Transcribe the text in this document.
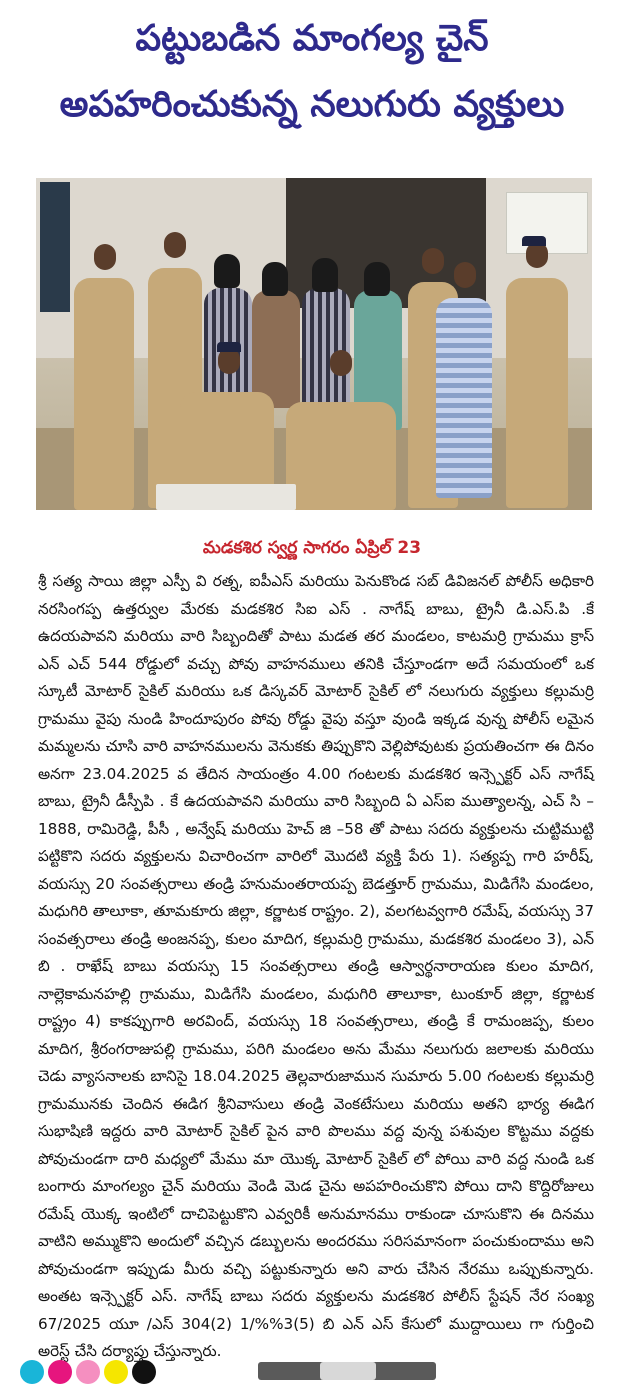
పట్టుబడిన మాంగల్య చైన్
అపహరించుకున్న నలుగురు వ్యక్తులు
మడకశిర స్వర్ణ సాగరం ఏప్రిల్ 23
శ్రీ సత్య సాయి జిల్లా ఎస్పీ వి రత్న, ఐపీఎస్ మరియు పెనుకొండ సబ్ డివిజనల్ పోలీస్ అధికారి నరసింగప్ప ఉత్తర్వుల మేరకు మడకశిర సిఐ ఎస్ . నాగేష్ బాబు, ట్రైనీ డి.ఎస్.పి .కే ఉదయపావని మరియు వారి సిబ్బందితో పాటు మడత తర మండలం, కాటమర్రి గ్రామము క్రాస్ ఎన్ ఎచ్ 544 రోడ్డులో వచ్చు పోవు వాహనములు తనికి చేస్తూండగా అదే సమయంలో ఒక స్కూటీ మోటార్ సైకిల్ మరియు ఒక డిస్కవర్ మోటార్ సైకిల్ లో నలుగురు వ్యక్తులు కల్లుమర్రి గ్రామము వైపు నుండి హిందూపురం పోవు రోడ్డు వైపు వస్తూ వుండి ఇక్కడ వున్న పోలీస్ లమైన మమ్మలను చూసి వారి వాహనములను వెనుకకు తిప్పుకొని వెల్లిపోవుటకు ప్రయతించగా ఈ దినం అనగా 23.04.2025 వ తేదిన సాయంత్రం 4.00 గంటలకు మడకశిర ఇన్స్పెక్టర్ ఎస్ నాగేష్ బాబు, ట్రైనీ డీస్పీపి . కే ఉదయపావని మరియు వారి సిబ్బంది ఏ ఎస్ఐ ముత్యాలన్న, ఎచ్ సి –1888, రామిరెడ్డి, పీసీ , అన్వేష్ మరియు హెచ్ జి –58 తో పాటు సదరు వ్యక్తులను చుట్టిముట్టి పట్టికొని సదరు వ్యక్తులను విచారించగా వారిలో మొదటి వ్యక్తి పేరు 1). సత్యప్ప గారి హరీష్, వయస్సు 20 సంవత్సరాలు తండ్రి హనుమంతరాయప్ప బెడత్తూర్ గ్రామము, మిడిగేసి మండలం, మధుగిరి తాలూకా, తూమకూరు జిల్లా, కర్ణాటక రాష్ట్రం. 2), వలగటవ్వగారి రమేష్, వయస్సు 37 సంవత్సరాలు తండ్రి అంజనప్ప, కులం మాదిగ, కల్లుమర్రి గ్రామము, మడకశిర మండలం 3), ఎన్ బి . రాఖేష్ బాబు వయస్సు 15 సంవత్సరాలు తండ్రి ఆస్వార్థనారాయణ కులం మాదిగ, నాల్లెకామనహల్లి గ్రామము, మిడిగేసి మండలం, మధుగిరి తాలూకా, టుంకూర్ జిల్లా, కర్ణాటక రాష్ట్రం 4) కాకప్పుగారి అరవింద్, వయస్సు 18 సంవత్సరాలు, తండ్రి కే రామంజప్ప, కులం మాదిగ, శ్రీరంగరాజుపల్లి గ్రామము, పరిగి మండలం అను మేము నలుగురు జలాలకు మరియు చెడు వ్యాసనాలకు బానిసై 18.04.2025 తెల్లవారుజామున సుమారు 5.00 గంటలకు కల్లుమర్రి గ్రామమునకు చెందిన ఈడిగ శ్రీనివాసులు తండ్రి వెంకటేసులు మరియు అతని భార్య ఈడిగ సుభాషిణి ఇద్దరు వారి మోటార్ సైకిల్ పైన వారి పొలము వద్ద వున్న పశువుల కొట్టము వద్దకు పోవుచుండగా దారి మధ్యలో మేము మా యొక్క మోటార్ సైకిల్ లో పోయి వారి వద్ద నుండి ఒక బంగారు మాంగల్యం చైన్ మరియు వెండి మెడ చైను అపహరించుకొని పోయి దాని కొద్దిరోజులు రమేష్ యొక్క ఇంటిలో దాచిపెట్టుకొని ఎవ్వరికీ అనుమానము రాకుండా చూసుకొని ఈ దినము వాటిని అమ్ముకొని అందులో వచ్చిన డబ్బులను అందరము సరిసమానంగా పంచుకుందాము అని పోవుచుండగా ఇప్పుడు మీరు వచ్చి పట్టుకున్నారు అని వారు చేసిన నేరము ఒప్పుకున్నారు. అంతట ఇన్స్పెక్టర్ ఎస్. నాగేష్ బాబు సదరు వ్యక్తులను మడకశిర పోలీస్ స్టేషన్ నేర సంఖ్య 67/2025 యూ /ఎస్ 304(2) 1/%%3(5) బి ఎన్ ఎస్ కేసులో ముద్దాయిలు గా గుర్తించి అరెస్ట్ చేసి దర్యాప్తు చేస్తున్నారు.
